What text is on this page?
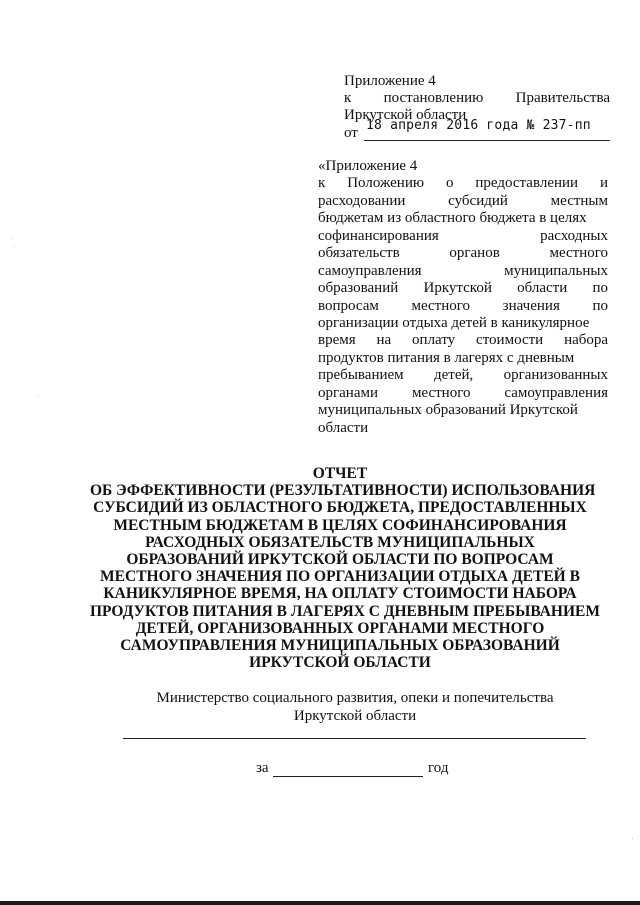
Приложение 4
к постановлению Правительства
Иркутской области
от 18 апреля 2016 года № 237-пп
«Приложение 4
к Положению о предоставлении и
расходовании	субсидий	местным
бюджетам из областного бюджета в целях
софинансирования	расходных
обязательств	органов	местного
самоуправления	муниципальных
образований Иркутской области по
вопросам местного значения по
организации отдыха детей в каникулярное
время на оплату стоимости набора
продуктов питания в лагерях с дневным
пребыванием детей, организованных
органами местного самоуправления
муниципальных образований Иркутской
области
ОТЧЕТ
ОБ ЭФФЕКТИВНОСТИ (РЕЗУЛЬТАТИВНОСТИ) ИСПОЛЬЗОВАНИЯ
СУБСИДИЙ ИЗ ОБЛАСТНОГО БЮДЖЕТА, ПРЕДОСТАВЛЕННЫХ
МЕСТНЫМ БЮДЖЕТАМ В ЦЕЛЯХ СОФИНАНСИРОВАНИЯ
РАСХОДНЫХ ОБЯЗАТЕЛЬСТВ МУНИЦИПАЛЬНЫХ
ОБРАЗОВАНИЙ ИРКУТСКОЙ ОБЛАСТИ ПО ВОПРОСАМ
МЕСТНОГО ЗНАЧЕНИЯ ПО ОРГАНИЗАЦИИ ОТДЫХА ДЕТЕЙ В
КАНИКУЛЯРНОЕ ВРЕМЯ, НА ОПЛАТУ СТОИМОСТИ НАБОРА
ПРОДУКТОВ ПИТАНИЯ В ЛАГЕРЯХ С ДНЕВНЫМ ПРЕБЫВАНИЕМ
ДЕТЕЙ, ОРГАНИЗОВАННЫХ ОРГАНАМИ МЕСТНОГО
САМОУПРАВЛЕНИЯ МУНИЦИПАЛЬНЫХ ОБРАЗОВАНИЙ
ИРКУТСКОЙ ОБЛАСТИ
Министерство социального развития, опеки и попечительства
Иркутской области
за	год
